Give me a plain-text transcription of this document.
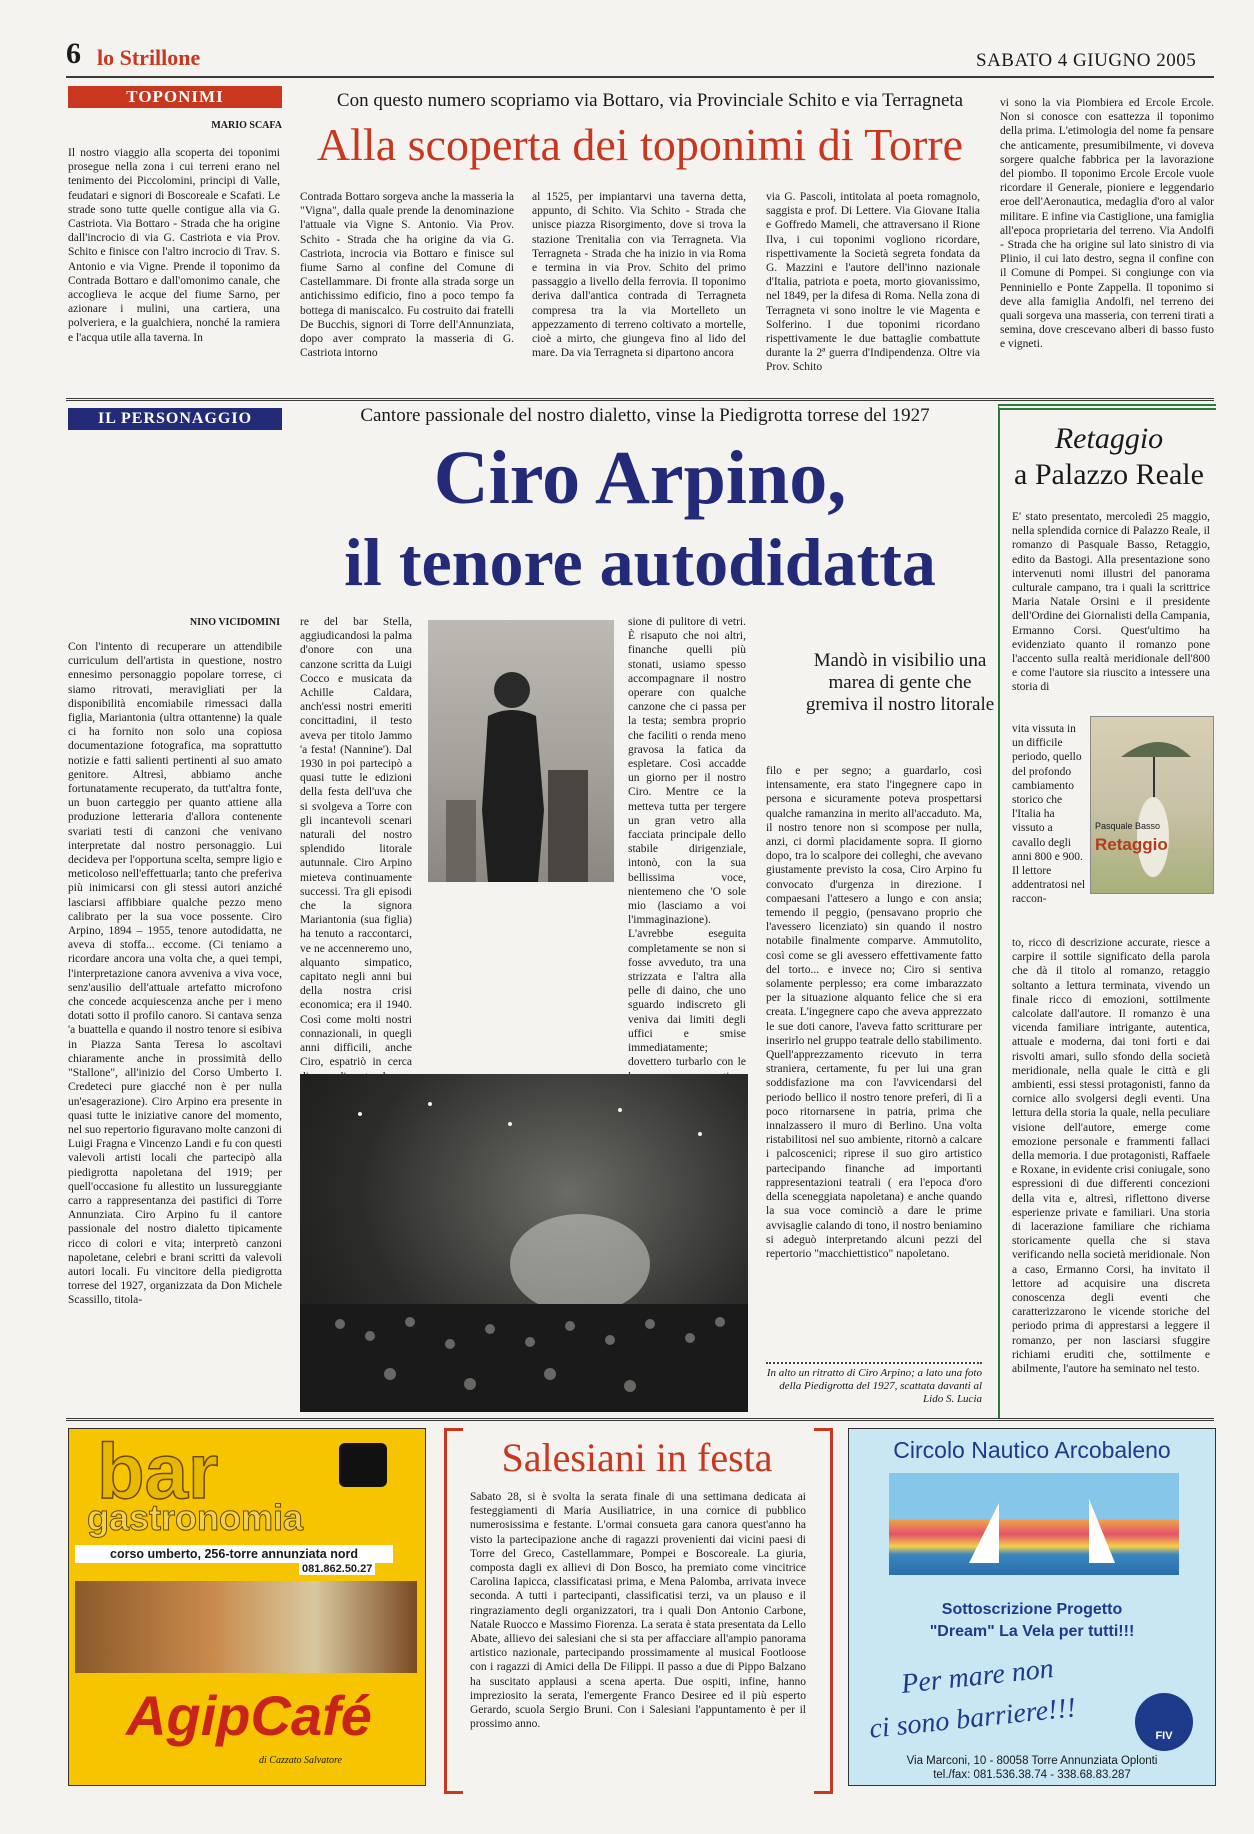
6 lo Strillone	SABATO 4 GIUGNO 2005
TOPONIMI
MARIO SCAFA
Con questo numero scopriamo via Bottaro, via Provinciale Schito e via Terragneta
Alla scoperta dei toponimi di Torre
Il nostro viaggio alla scoperta dei toponimi prosegue nella zona i cui terreni erano nel tenimento dei Piccolomini, principi di Valle, feudatari e signori di Boscoreale e Scafati. Le strade sono tutte quelle contigue alla via G. Castriota. Via Bottaro - Strada che ha origine dall'incrocio di via G. Castriota e via Prov. Schito e finisce con l'altro incrocio di Trav. S. Antonio e via Vigne. Prende il toponimo da Contrada Bottaro e dall'omonimo canale, che accoglieva le acque del fiume Sarno, per azionare i mulini, una cartiera, una polveriera, e la gualchiera, nonché la ramiera e l'acqua utile alla taverna. In
Contrada Bottaro sorgeva anche la masseria la "Vigna", dalla quale prende la denominazione l'attuale via Vigne S. Antonio. Via Prov. Schito - Strada che ha origine da via G. Castriota, incrocia via Bottaro e finisce sul fiume Sarno al confine del Comune di Castellammare. Di fronte alla strada sorge un antichissimo edificio, fino a poco tempo fa bottega di maniscalco. Fu costruito dai fratelli De Bucchis, signori di Torre dell'Annunziata, dopo aver comprato la masseria di G. Castriota intorno
al 1525, per impiantarvi una taverna detta, appunto, di Schito. Via Schito - Strada che unisce piazza Risorgimento, dove si trova la stazione Trenitalia con via Terragneta. Via Terragneta - Strada che ha inizio in via Roma e termina in via Prov. Schito del primo passaggio a livello della ferrovia. Il toponimo deriva dall'antica contrada di Terragneta compresa tra la via Mortelleto un appezzamento di terreno coltivato a mortelle, cioè a mirto, che giungeva fino al lido del mare. Da via Terragneta si dipartono ancora
via G. Pascoli, intitolata al poeta romagnolo, saggista e prof. Di Lettere. Via Giovane Italia e Goffredo Mameli, che attraversano il Rione Ilva, i cui toponimi vogliono ricordare, rispettivamente la Società segreta fondata da G. Mazzini e l'autore dell'inno nazionale d'Italia, patriota e poeta, morto giovanissimo, nel 1849, per la difesa di Roma. Nella zona di Terragneta vi sono inoltre le vie Magenta e Solferino. I due toponimi ricordano rispettivamente le due battaglie combattute durante la 2ª guerra d'Indipendenza. Oltre via Prov. Schito
vi sono la via Piombiera ed Ercole Ercole. Non si conosce con esattezza il toponimo della prima. L'etimologia del nome fa pensare che anticamente, presumibilmente, vi doveva sorgere qualche fabbrica per la lavorazione del piombo. Il toponimo Ercole Ercole vuole ricordare il Generale, pioniere e leggendario eroe dell'Aeronautica, medaglia d'oro al valor militare. E infine via Castiglione, una famiglia all'epoca proprietaria del terreno. Via Andolfi - Strada che ha origine sul lato sinistro di via Plinio, il cui lato destro, segna il confine con il Comune di Pompei. Si congiunge con via Penniniello e Ponte Zappella. Il toponimo si deve alla famiglia Andolfi, nel terreno dei quali sorgeva una masseria, con terreni tirati a semina, dove crescevano alberi di basso fusto e vigneti.
IL PERSONAGGIO	Cantore passionale del nostro dialetto, vinse la Piedigrotta torrese del 1927
Ciro Arpino,
il tenore autodidatta
NINO VICIDOMINI
Con l'intento di recuperare un attendibile curriculum dell'artista in questione, nostro ennesimo personaggio popolare torrese, ci siamo ritrovati, meravigliati per la disponibilità encomiabile rimessaci dalla figlia, Mariantonia (ultra ottantenne) la quale ci ha fornito non solo una copiosa documentazione fotografica, ma soprattutto notizie e fatti salienti pertinenti al suo amato genitore. Altresì, abbiamo anche fortunatamente recuperato, da tutt'altra fonte, un buon carteggio per quanto attiene alla produzione letteraria d'allora contenente svariati testi di canzoni che venivano interpretate dal nostro personaggio. Lui decideva per l'opportuna scelta, sempre ligio e meticoloso nell'effettuarla; tanto che preferiva più inimicarsi con gli stessi autori anziché lasciarsi affibbiare qualche pezzo meno calibrato per la sua voce possente. Ciro Arpino, 1894 – 1955, tenore autodidatta, ne aveva di stoffa... eccome. (Ci teniamo a ricordare ancora una volta che, a quei tempi, l'interpretazione canora avveniva a viva voce, senz'ausilio dell'attuale artefatto microfono che concede acquiescenza anche per i meno dotati sotto il profilo canoro. Si cantava senza 'a buattella e quando il nostro tenore si esibiva in Piazza Santa Teresa lo ascoltavi chiaramente anche in prossimità dello "Stallone", all'inizio del Corso Umberto I. Credeteci pure giacché non è per nulla un'esagerazione). Ciro Arpino era presente in quasi tutte le iniziative canore del momento, nel suo repertorio figuravano molte canzoni di Luigi Fragna e Vincenzo Landi e fu con questi valevoli artisti locali che partecipò alla piedigrotta napoletana del 1919; per quell'occasione fu allestito un lussureggiante carro a rappresentanza dei pastifici di Torre Annunziata. Ciro Arpino fu il cantore passionale del nostro dialetto tipicamente ricco di colori e vita; interpretò canzoni napoletane, celebri e brani scritti da valevoli autori locali. Fu vincitore della piedigrotta torrese del 1927, organizzata da Don Michele Scassillo, titola-
re del bar Stella, aggiudicandosi la palma d'onore con una canzone scritta da Luigi Cocco e musicata da Achille Caldara, anch'essi nostri emeriti concittadini, il testo aveva per titolo Jammo 'a festa! (Nannine'). Dal 1930 in poi partecipò a quasi tutte le edizioni della festa dell'uva che si svolgeva a Torre con gli incantevoli scenari naturali del nostro splendido litorale autunnale. Ciro Arpino mieteva continuamente successi. Tra gli episodi che la signora Mariantonia (sua figlia) ha tenuto a raccontarci, ve ne accenneremo uno, alquanto simpatico, capitato negli anni bui della nostra crisi economica; era il 1940. Così come molti nostri connazionali, in quegli anni difficili, anche Ciro, espatriò in cerca
sione di pulitore di vetri. È risaputo che noi altri, finanche quelli più stonati, usiamo spesso accompagnare il nostro operare con qualche canzone che ci passa per la testa; sembra proprio che faciliti o renda meno gravosa la fatica da espletare. Così accadde un giorno per il nostro Ciro. Mentre ce la metteva tutta per tergere un gran vetro alla facciata principale dello stabile dirigenziale, intonò, con la sua bellissima voce, nientemeno che 'O sole mio (lasciamo a voi l'immaginazione). L'avrebbe eseguita completamente se non si fosse avveduto, tra una strizzata e l'altra alla pelle di daino, che uno sguardo indiscreto gli veniva dai limiti degli uffici e smise immediatamente; dovettero turbarlo con le
Mandò in visibilio una marea di gente che gremiva il nostro litorale
filo e per segno; a guardarlo, così intensamente, era stato l'ingegnere capo in persona e sicuramente poteva prospettarsi qualche ramanzina in merito all'accaduto. Ma, il nostro tenore non si scompose per nulla, anzi, ci dormì placidamente sopra. Il giorno dopo, tra lo scalpore dei colleghi, che avevano giustamente previsto la cosa, Ciro Arpino fu convocato d'urgenza in direzione. I compaesani l'attesero a lungo e con ansia; temendo il peggio, (pensavano proprio che l'avessero licenziato) sin quando il nostro notabile finalmente comparve. Ammutolito, così come se gli avessero effettivamente fatto del torto... e invece no; Ciro si sentiva solamente perplesso; era come imbarazzato per la situazione alquanto felice che si era creata. L'ingegnere capo che aveva apprezzato le sue doti canore, l'aveva fatto scritturare per inserirlo nel gruppo teatrale dello stabilimento. Quell'apprezzamento ricevuto in terra straniera, certamente, fu per lui una gran soddisfazione ma con l'avvicendarsi del periodo bellico il nostro tenore preferì, di lì a poco ritornarsene in patria, prima che innalzassero il muro di Berlino. Una volta ristabilitosi nel suo ambiente, ritornò a calcare i palcoscenici; riprese il suo giro artistico partecipando finanche ad importanti rappresentazioni teatrali ( era l'epoca d'oro della sceneggiata napoletana) e anche quando la sua voce cominciò a dare le prime avvisaglie calando di tono, il nostro beniamino si adeguò interpretando alcuni pezzi del repertorio "macchiettistico" napoletano.
In alto un ritratto di Ciro Arpino; a lato una foto della Piedigrotta del 1927, scattata davanti al Lido S. Lucia
Retaggio
a Palazzo Reale
E' stato presentato, mercoledì 25 maggio, nella splendida cornice di Palazzo Reale, il romanzo di Pasquale Basso, Retaggio, edito da Bastogi. Alla presentazione sono intervenuti nomi illustri del panorama culturale campano, tra i quali la scrittrice Maria Natale Orsini e il presidente dell'Ordine dei Giornalisti della Campania, Ermanno Corsi. Quest'ultimo ha evidenziato quanto il romanzo pone l'accento sulla realtà meridionale dell'800 e come l'autore sia riuscito a intessere una storia di
vita vissuta in un difficile periodo, quello del profondo cambiamento storico che l'Italia ha vissuto a cavallo degli anni 800 e 900. Il lettore addentratosi nel raccon-
Pasquale Basso
Retaggio
to, ricco di descrizione accurate, riesce a carpire il sottile significato della parola che dà il titolo al romanzo, retaggio soltanto a lettura terminata, vivendo un finale ricco di emozioni, sottilmente calcolate dall'autore. Il romanzo è una vicenda familiare intrigante, autentica, attuale e moderna, dai toni forti e dai risvolti amari, sullo sfondo della società meridionale, nella quale le città e gli ambienti, essi stessi protagonisti, fanno da cornice allo svolgersi degli eventi. Una lettura della storia la quale, nella peculiare visione dell'autore, emerge come emozione personale e frammenti fallaci della memoria. I due protagonisti, Raffaele e Roxane, in evidente crisi coniugale, sono espressioni di due differenti concezioni della vita e, altresì, riflettono diverse esperienze private e familiari. Una storia di lacerazione familiare che richiama storicamente quella che si stava verificando nella società meridionale. Non a caso, Ermanno Corsi, ha invitato il lettore ad acquisire una discreta conoscenza degli eventi che caratterizzarono le vicende storiche del periodo prima di apprestarsi a leggere il romanzo, per non lasciarsi sfuggire richiami eruditi che, sottilmente e abilmente, l'autore ha seminato nel testo.
bar
gastronomia
corso umberto, 256-torre annunziata nord
081.862.50.27
AgipCafé
di Cazzato Salvatore
Salesiani in festa
Sabato 28, si è svolta la serata finale di una settimana dedicata ai festeggiamenti di Maria Ausiliatrice, in una cornice di pubblico numerosissima e festante. L'ormai consueta gara canora quest'anno ha visto la partecipazione anche di ragazzi provenienti dai vicini paesi di Torre del Greco, Castellammare, Pompei e Boscoreale. La giuria, composta dagli ex allievi di Don Bosco, ha premiato come vincitrice Carolina Iapicca, classificatasi prima, e Mena Palomba, arrivata invece seconda. A tutti i partecipanti, classificatisi terzi, va un plauso e il ringraziamento degli organizzatori, tra i quali Don Antonio Carbone, Natale Ruocco e Massimo Fiorenza. La serata è stata presentata da Lello Abate, allievo dei salesiani che si sta per affacciare all'ampio panorama artistico nazionale, partecipando prossimamente al musical Footloose con i ragazzi di Amici della De Filippi. Il passo a due di Pippo Balzano ha suscitato applausi a scena aperta. Due ospiti, infine, hanno impreziosito la serata, l'emergente Franco Desiree ed il più esperto Gerardo, scuola Sergio Bruni. Con i Salesiani l'appuntamento è per il prossimo anno.
Circolo Nautico Arcobaleno
Sottoscrizione Progetto
"Dream" La Vela per tutti!!!
Per mare non
ci sono barriere!!!	FIV
Via Marconi, 10 - 80058 Torre Annunziata Oplonti
tel./fax: 081.536.38.74 - 338.68.83.287
